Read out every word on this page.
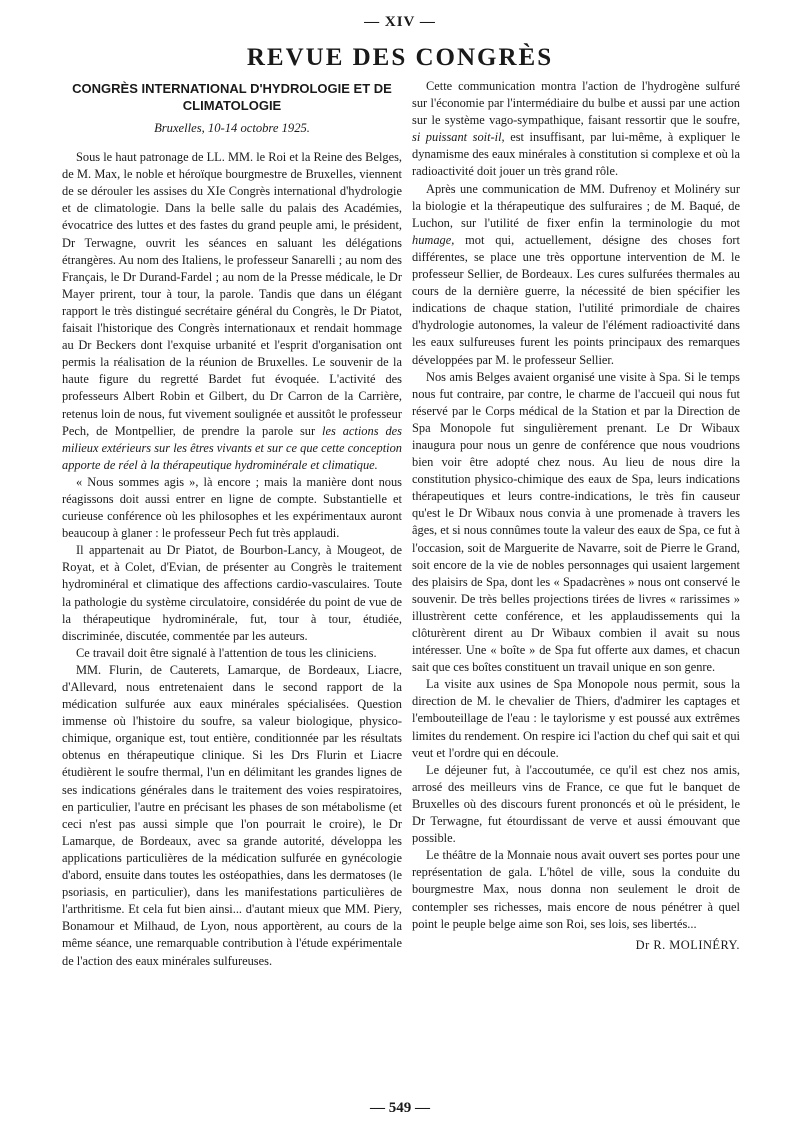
— XIV —
REVUE DES CONGRÈS
CONGRÈS INTERNATIONAL D'HYDROLOGIE ET DE CLIMATOLOGIE
Bruxelles, 10-14 octobre 1925.

Sous le haut patronage de LL. MM. le Roi et la Reine des Belges, de M. Max, le noble et héroïque bourgmestre de Bruxelles, viennent de se dérouler les assises du XIe Congrès international d'hydrologie et de climatologie. Dans la belle salle du palais des Académies, évocatrice des luttes et des fastes du grand peuple ami, le président, Dr Terwagne, ouvrit les séances en saluant les délégations étrangères. Au nom des Italiens, le professeur Sanarelli ; au nom des Français, le Dr Durand-Fardel ; au nom de la Presse médicale, le Dr Mayer prirent, tour à tour, la parole. Tandis que dans un élégant rapport le très distingué secrétaire général du Congrès, le Dr Piatot, faisait l'historique des Congrès internationaux et rendait hommage au Dr Beckers dont l'exquise urbanité et l'esprit d'organisation ont permis la réalisation de la réunion de Bruxelles. Le souvenir de la haute figure du regretté Bardet fut évoquée. L'activité des professeurs Albert Robin et Gilbert, du Dr Carron de la Carrière, retenus loin de nous, fut vivement soulignée et aussitôt le professeur Pech, de Montpellier, de prendre la parole sur les actions des milieux extérieurs sur les êtres vivants et sur ce que cette conception apporte de réel à la thérapeutique hydrominérale et climatique.

« Nous sommes agis », là encore ; mais la manière dont nous réagissons doit aussi entrer en ligne de compte. Substantielle et curieuse conférence où les philosophes et les expérimentaux auront beaucoup à glaner : le professeur Pech fut très applaudi.

Il appartenait au Dr Piatot, de Bourbon-Lancy, à Mougeot, de Royat, et à Colet, d'Evian, de présenter au Congrès le traitement hydrominéral et climatique des affections cardio-vasculaires. Toute la pathologie du système circulatoire, considérée du point de vue de la thérapeutique hydrominérale, fut, tour à tour, étudiée, discriminée, discutée, commentée par les auteurs.

Ce travail doit être signalé à l'attention de tous les cliniciens.

MM. Flurin, de Cauterets, Lamarque, de Bordeaux, Liacre, d'Allevard, nous entretenaient dans le second rapport de la médication sulfurée aux eaux minérales spécialisées. Question immense où l'histoire du soufre, sa valeur biologique, physico-chimique, organique est, tout entière, conditionnée par les résultats obtenus en thérapeutique clinique. Si les Drs Flurin et Liacre étudièrent le soufre thermal, l'un en délimitant les grandes lignes de ses indications générales dans le traitement des voies respiratoires, en particulier, l'autre en précisant les phases de son métabolisme (et ceci n'est pas aussi simple que l'on pourrait le croire), le Dr Lamarque, de Bordeaux, avec sa grande autorité, développa les applications particulières de la médication sulfurée en gynécologie d'abord, ensuite dans toutes les ostéopathies, dans les dermatoses (le psoriasis, en particulier), dans les manifestations particulières de l'arthritisme. Et cela fut bien ainsi... d'autant mieux que MM. Piery, Bonamour et Milhaud, de Lyon, nous apportèrent, au cours de la même séance, une remarquable contribution à l'étude expérimentale de l'action des eaux minérales sulfureuses.

Cette communication montra l'action de l'hydrogène sulfuré sur l'économie par l'intermédiaire du bulbe et aussi par une action sur le système vago-sympathique, faisant ressortir que le soufre, si puissant soit-il, est insuffisant, par lui-même, à expliquer le dynamisme des eaux minérales à constitution si complexe et où la radioactivité doit jouer un très grand rôle.

Après une communication de MM. Dufrenoy et Molinéry sur la biologie et la thérapeutique des sulfuraires ; de M. Baqué, de Luchon, sur l'utilité de fixer enfin la terminologie du mot humage, mot qui, actuellement, désigne des choses fort différentes, se place une très opportune intervention de M. le professeur Sellier, de Bordeaux. Les cures sulfurées thermales au cours de la dernière guerre, la nécessité de bien spécifier les indications de chaque station, l'utilité primordiale de chaires d'hydrologie autonomes, la valeur de l'élément radioactivité dans les eaux sulfureuses furent les points principaux des remarques développées par M. le professeur Sellier.

Nos amis Belges avaient organisé une visite à Spa. Si le temps nous fut contraire, par contre, le charme de l'accueil qui nous fut réservé par le Corps médical de la Station et par la Direction de Spa Monopole fut singulièrement prenant. Le Dr Wibaux inaugura pour nous un genre de conférence que nous voudrions bien voir être adopté chez nous. Au lieu de nous dire la constitution physico-chimique des eaux de Spa, leurs indications thérapeutiques et leurs contre-indications, le très fin causeur qu'est le Dr Wibaux nous convia à une promenade à travers les âges, et si nous connûmes toute la valeur des eaux de Spa, ce fut à l'occasion, soit de Marguerite de Navarre, soit de Pierre le Grand, soit encore de la vie de nobles personnages qui usaient largement des plaisirs de Spa, dont les « Spadacrènes » nous ont conservé le souvenir. De très belles projections tirées de livres « rarissimes » illustrèrent cette conférence, et les applaudissements qui la clôturèrent dirent au Dr Wibaux combien il avait su nous intéresser. Une « boîte » de Spa fut offerte aux dames, et chacun sait que ces boîtes constituent un travail unique en son genre.

La visite aux usines de Spa Monopole nous permit, sous la direction de M. le chevalier de Thiers, d'admirer les captages et l'embouteillage de l'eau : le taylorisme y est poussé aux extrêmes limites du rendement. On respire ici l'action du chef qui sait et qui veut et l'ordre qui en découle.

Le déjeuner fut, à l'accoutumée, ce qu'il est chez nos amis, arrosé des meilleurs vins de France, ce que fut le banquet de Bruxelles où des discours furent prononcés et où le président, le Dr Terwagne, fut étourdissant de verve et aussi émouvant que possible.

Le théâtre de la Monnaie nous avait ouvert ses portes pour une représentation de gala. L'hôtel de ville, sous la conduite du bourgmestre Max, nous donna non seulement le droit de contempler ses richesses, mais encore de nous pénétrer à quel point le peuple belge aime son Roi, ses lois, ses libertés...

Dr R. MOLINÉRY.
— 549 —
